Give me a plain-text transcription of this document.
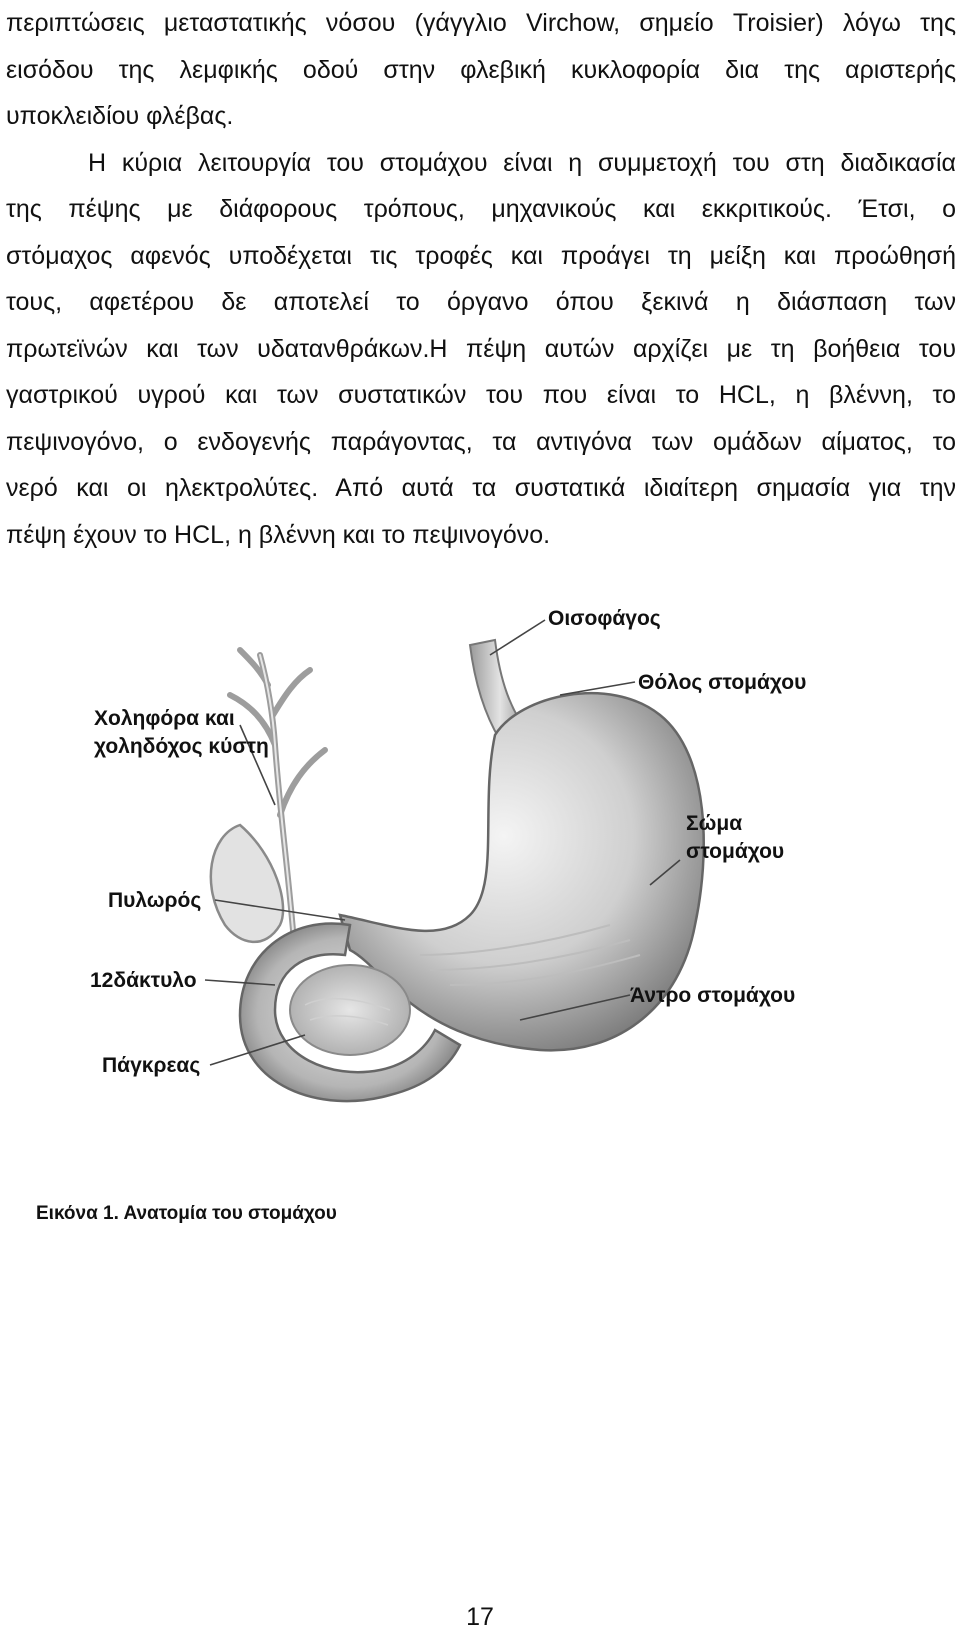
περιπτώσεις μεταστατικής νόσου (γάγγλιο Virchow, σημείο Troisier) λόγω της
εισόδου της λεμφικής οδού στην φλεβική κυκλοφορία δια της αριστερής
υποκλειδίου φλέβας.
Η κύρια λειτουργία του στομάχου είναι η συμμετοχή του στη διαδικασία
της πέψης με διάφορους τρόπους, μηχανικούς και εκκριτικούς. Έτσι, ο
στόμαχος αφενός υποδέχεται τις τροφές και προάγει τη μείξη και προώθησή
τους, αφετέρου δε αποτελεί το όργανο όπου ξεκινά η διάσπαση των
πρωτεϊνών και των υδατανθράκων.Η πέψη αυτών αρχίζει με τη βοήθεια του
γαστρικού υγρού και των συστατικών του που είναι το HCL, η βλέννη, το
πεψινογόνο, ο ενδογενής παράγοντας, τα αντιγόνα των ομάδων αίματος, το
νερό και οι ηλεκτρολύτες. Από αυτά τα συστατικά ιδιαίτερη σημασία για την
πέψη έχουν το HCL, η βλέννη και το πεψινογόνο.
Οισοφάγος
Θόλος στομάχου
Χοληφόρα και
χοληδόχος κύστη
Σώμα
στομάχου
Πυλωρός
12δάκτυλο
Άντρο στομάχου
Πάγκρεας
Εικόνα 1. Ανατομία του στομάχου
17
